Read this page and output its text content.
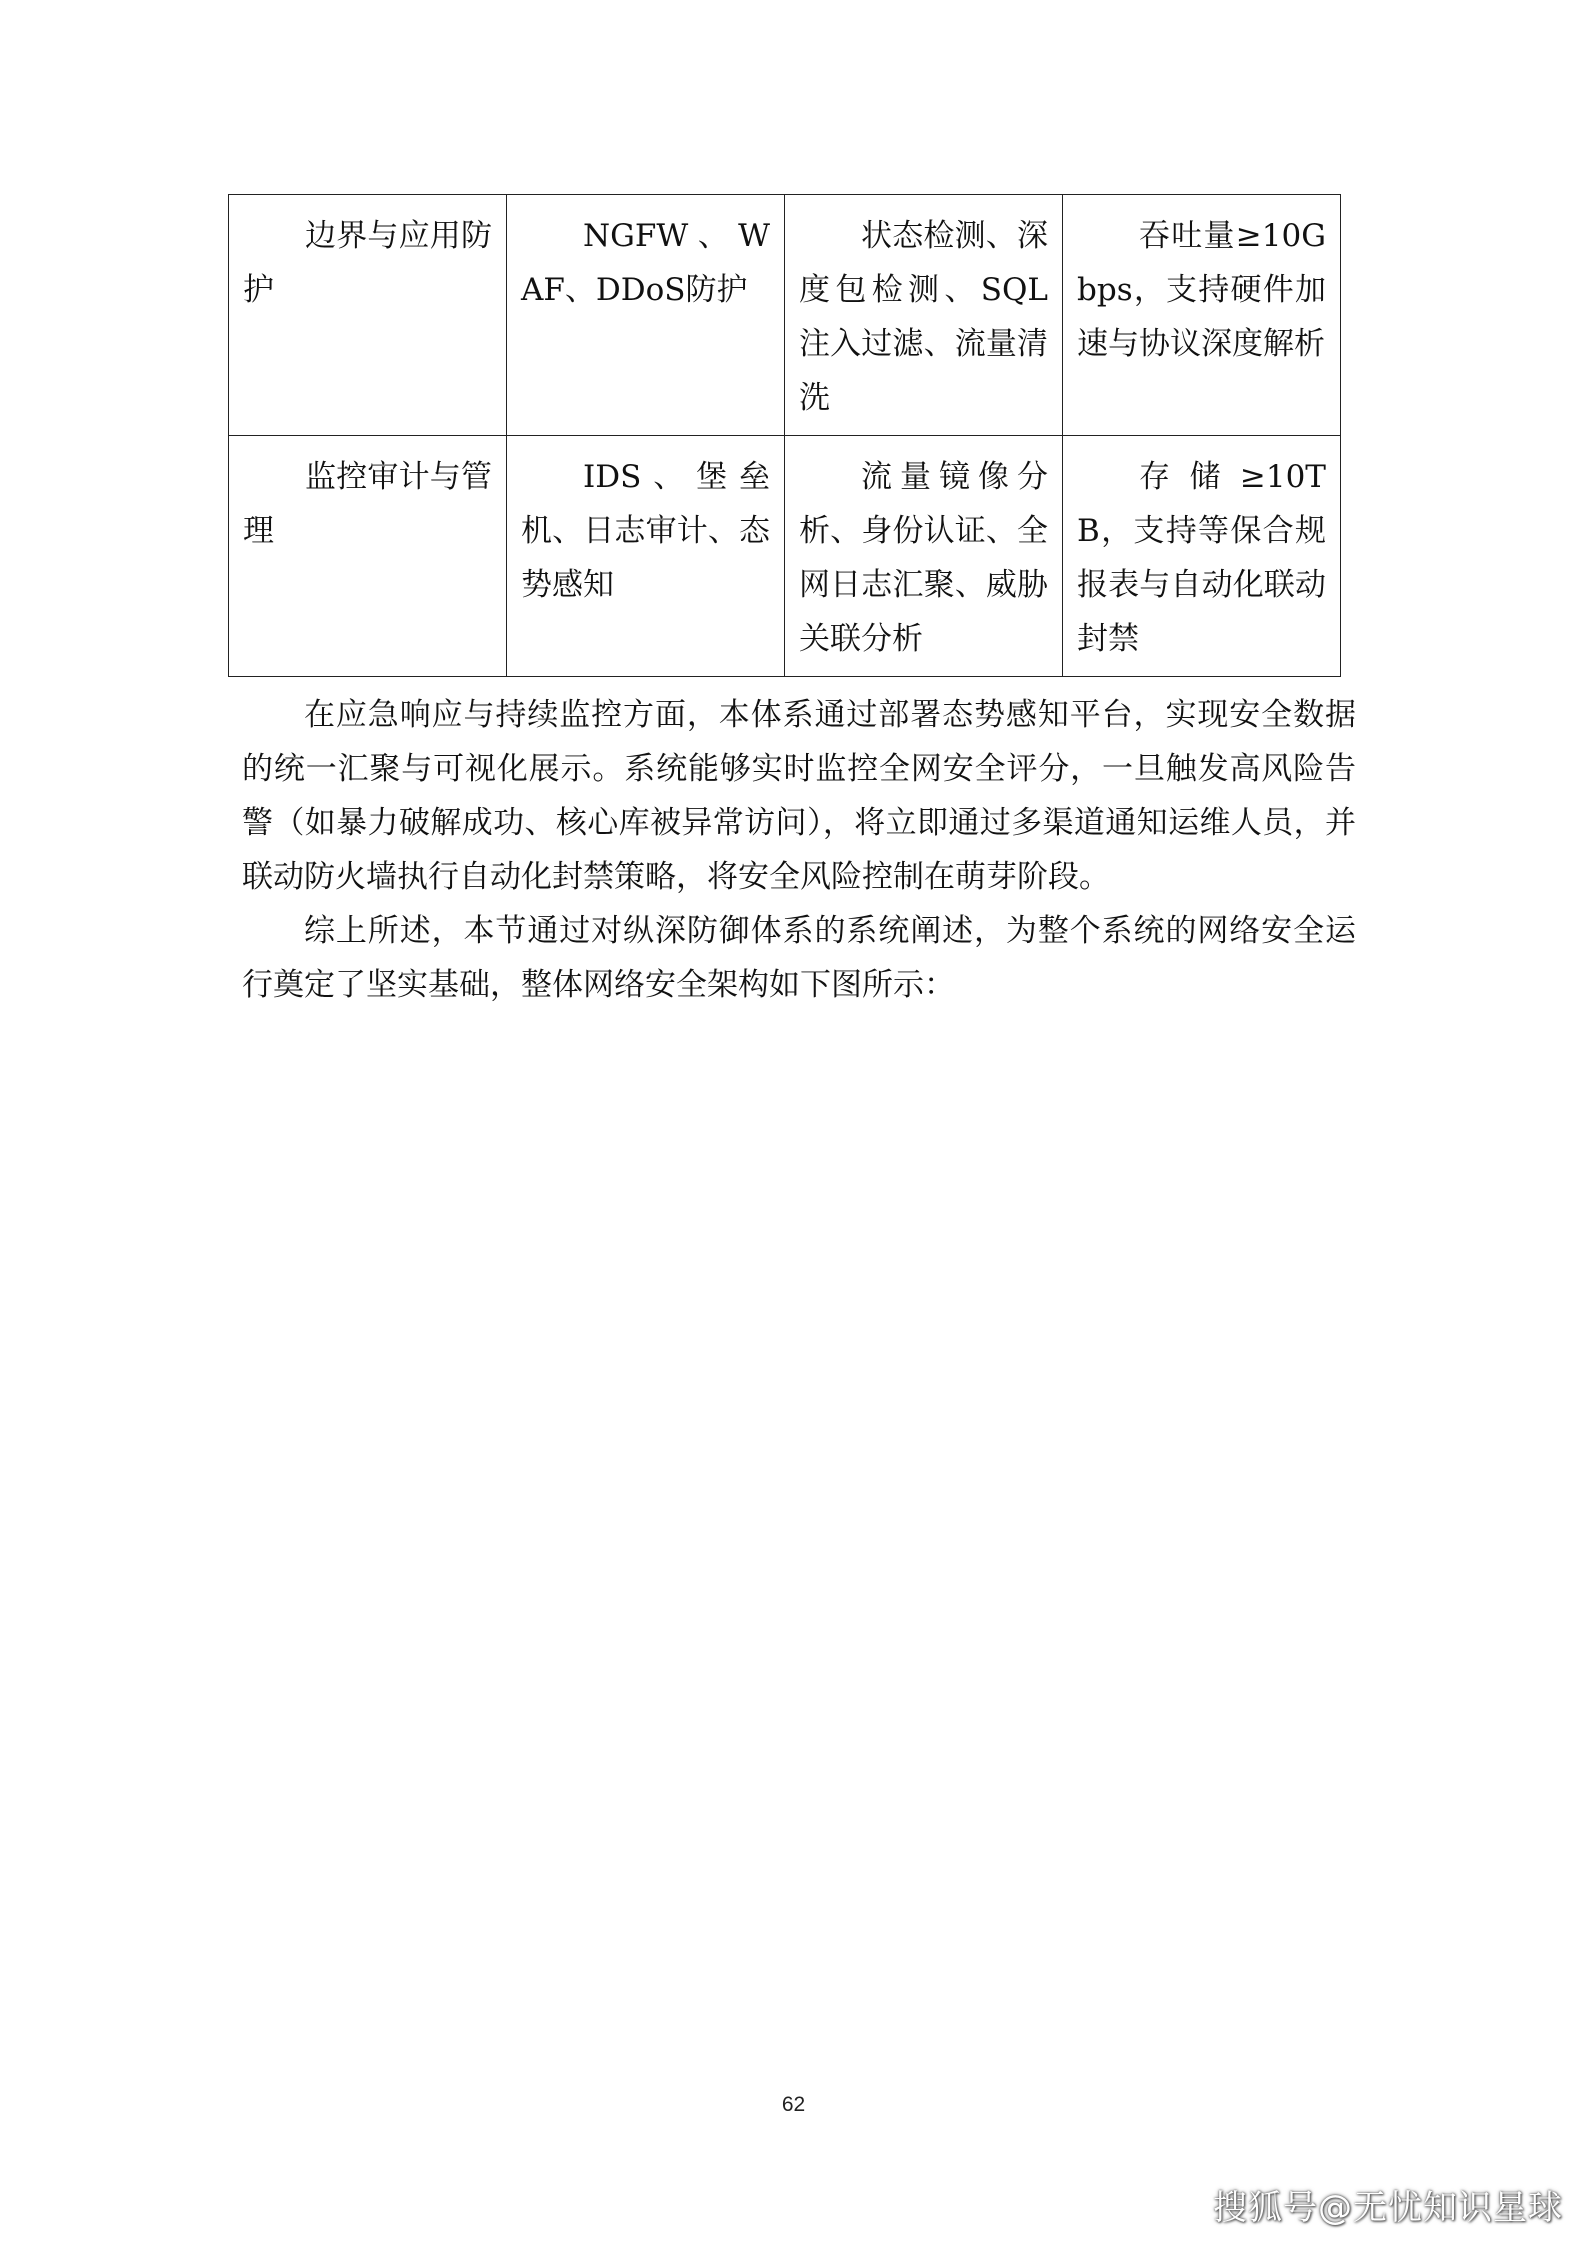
边界与应用防护	NGFW、WAF、DDoS防护	状态检测、深度包检测、SQL注入过滤、流量清洗	吞吐量≥10Gbps，支持硬件加速与协议深度解析
监控审计与管理	IDS、堡垒机、日志审计、态势感知	流量镜像分析、身份认证、全网日志汇聚、威胁关联分析	存储≥10TB，支持等保合规报表与自动化联动封禁

在应急响应与持续监控方面，本体系通过部署态势感知平台，实现安全数据的统一汇聚与可视化展示。系统能够实时监控全网安全评分，一旦触发高风险告警（如暴力破解成功、核心库被异常访问），将立即通过多渠道通知运维人员，并联动防火墙执行自动化封禁策略，将安全风险控制在萌芽阶段。

综上所述，本节通过对纵深防御体系的系统阐述，为整个系统的网络安全运行奠定了坚实基础，整体网络安全架构如下图所示：

62
搜狐号@无忧知识星球
